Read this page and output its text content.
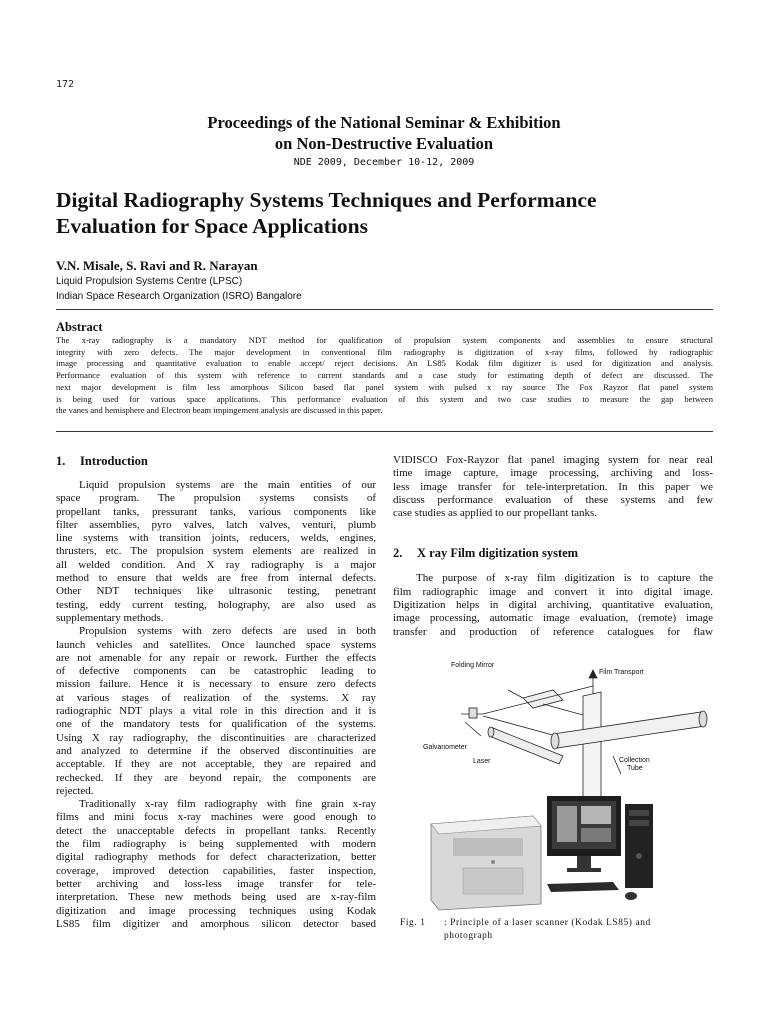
172
Proceedings of the National Seminar & Exhibition
on Non-Destructive Evaluation
NDE 2009, December 10-12, 2009
Digital Radiography Systems Techniques and Performance
Evaluation for Space Applications
V.N. Misale, S. Ravi and R. Narayan
Liquid Propulsion Systems Centre (LPSC)
Indian Space Research Organization (ISRO) Bangalore
Abstract
The x-ray radiography is a mandatory NDT method for qualification of propulsion system components and assemblies to ensure structural
integrity with zero defects. The major development in conventional film radiography is digitization of x-ray films, followed by radiographic
image processing and quantitative evaluation to enable accept/ reject decisions. An LS85 Kodak film digitizer is used for digitization and analysis.
Performance evaluation of this system with reference to current standards and a case study for estimating depth of defect are discussed. The
next major development is film less amorphous Silicon based flat panel system with pulsed x ray source The Fox Rayzor flat panel system
is being used for various space applications. This performance evaluation of this system and two case studies to measure the gap between
the vanes and hemisphere and Electron beam impingement analysis are discussed in this paper.
1. Introduction
Liquid propulsion systems are the main entities of our
space program. The propulsion systems consists of
propellant tanks, pressurant tanks, various components like
filter assemblies, pyro valves, latch valves, venturi, plumb
line systems with transition joints, reducers, welds, engines,
thrusters, etc. The propulsion system elements are realized in
all welded condition. And X ray radiography is a major
method to ensure that welds are free from internal defects.
Other NDT techniques like ultrasonic testing, penetrant
testing, eddy current testing, holography, are also used as
supplementary methods.
Propulsion systems with zero defects are used in both
launch vehicles and satellites. Once launched space systems
are not amenable for any repair or rework. Further the effects
of defective components can be catastrophic leading to
mission failure. Hence it is necessary to ensure zero defects
at various stages of realization of the systems. X ray
radiographic NDT plays a vital role in this direction and it is
one of the mandatory tests for qualification of the systems.
Using X ray radiography, the discontinuities are characterized
and analyzed to determine if the observed discontinuities are
acceptable. If they are not acceptable, they are repaired and
rechecked. If they are beyond repair, the components are
rejected.
Traditionally x-ray film radiography with fine grain x-ray
films and mini focus x-ray machines were good enough to
detect the unacceptable defects in propellant tanks. Recently
the film radiography is being supplemented with modern
digital radiography methods for defect characterization, better
coverage, improved detection capabilities, faster inspection,
better archiving and loss-less image transfer for tele-
interpretation. These new methods being used are x-ray-film
digitization and image processing techniques using Kodak
LS85 film digitizer and amorphous silicon detector based
VIDISCO Fox-Rayzor flat panel imaging system for near real
time image capture, image processing, archiving and loss-
less image transfer for tele-interpretation. In this paper we
discuss performance evaluation of these systems and few
case studies as applied to our propellant tanks.
2. X ray Film digitization system
The purpose of x-ray film digitization is to capture the
film radiographic image and convert it into digital image.
Digitization helps in digital archiving, quantitative evaluation,
image processing, automatic image evaluation, (remote) image
transfer and production of reference catalogues for flaw
Folding Mirror
Film Transport
Galvanometer
Laser	Collection Tube
Fig. 1 : Principle of a laser scanner (Kodak LS85) and
photograph
